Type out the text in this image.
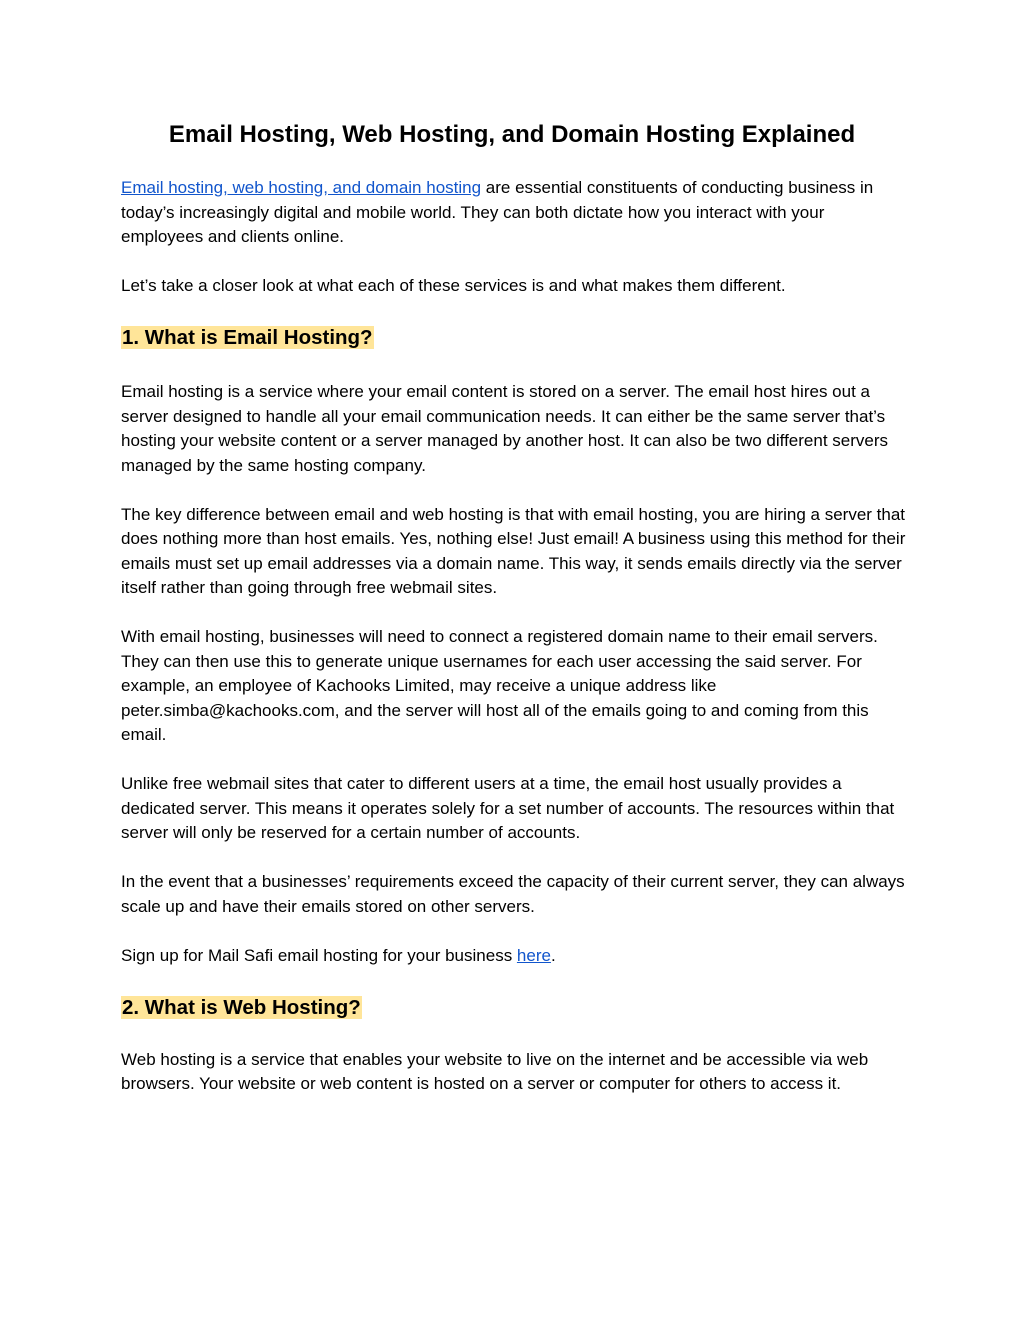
Email Hosting, Web Hosting, and Domain Hosting Explained

Email hosting, web hosting, and domain hosting are essential constituents of conducting business in today’s increasingly digital and mobile world. They can both dictate how you interact with your employees and clients online.

Let’s take a closer look at what each of these services is and what makes them different.

1. What is Email Hosting?

Email hosting is a service where your email content is stored on a server. The email host hires out a server designed to handle all your email communication needs. It can either be the same server that’s hosting your website content or a server managed by another host. It can also be two different servers managed by the same hosting company.

The key difference between email and web hosting is that with email hosting, you are hiring a server that does nothing more than host emails. Yes, nothing else! Just email! A business using this method for their emails must set up email addresses via a domain name. This way, it sends emails directly via the server itself rather than going through free webmail sites.

With email hosting, businesses will need to connect a registered domain name to their email servers. They can then use this to generate unique usernames for each user accessing the said server. For example, an employee of Kachooks Limited, may receive a unique address like peter.simba@kachooks.com, and the server will host all of the emails going to and coming from this email.

Unlike free webmail sites that cater to different users at a time, the email host usually provides a dedicated server. This means it operates solely for a set number of accounts. The resources within that server will only be reserved for a certain number of accounts.

In the event that a businesses’ requirements exceed the capacity of their current server, they can always scale up and have their emails stored on other servers.

Sign up for Mail Safi email hosting for your business here.

2. What is Web Hosting?

Web hosting is a service that enables your website to live on the internet and be accessible via web browsers. Your website or web content is hosted on a server or computer for others to access it.
